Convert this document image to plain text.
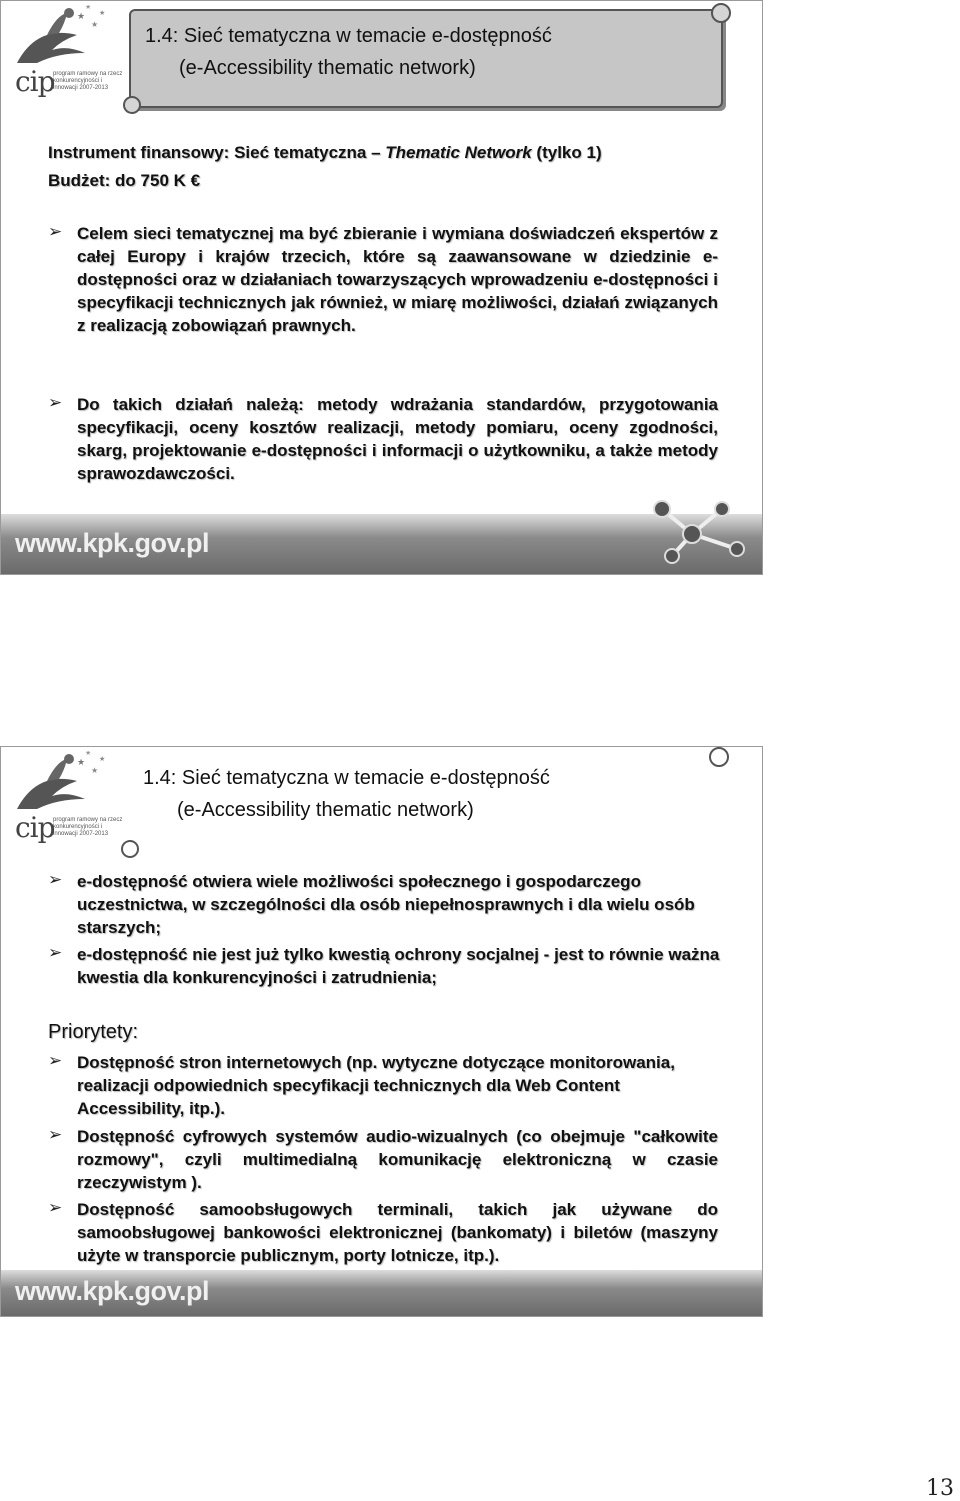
★
★
★
★
cip
program ramowy na rzecz konkurencyjności i innowacji 2007-2013
1.4: Sieć tematyczna w temacie e-dostępność
(e-Accessibility thematic network)
Instrument finansowy: Sieć tematyczna – Thematic Network (tylko 1)
Budżet: do 750 K €
➢ Celem sieci tematycznej ma być zbieranie i wymiana doświadczeń ekspertów z całej Europy i krajów trzecich, które są zaawansowane w dziedzinie e-dostępności oraz w działaniach towarzyszących wprowadzeniu e-dostępności i specyfikacji technicznych jak również, w miarę możliwości, działań związanych z realizacją zobowiązań prawnych.
➢ Do takich działań należą: metody wdrażania standardów, przygotowania specyfikacji, oceny kosztów realizacji, metody pomiaru, oceny zgodności, skarg, projektowanie e-dostępności i informacji o użytkowniku, a także metody sprawozdawczości.
www.kpk.gov.pl
★
★
★
★
cip
program ramowy na rzecz konkurencyjności i innowacji 2007-2013
1.4: Sieć tematyczna w temacie e-dostępność
(e-Accessibility thematic network)
➢ e-dostępność otwiera wiele możliwości społecznego i gospodarczego uczestnictwa, w szczególności dla osób niepełnosprawnych i dla wielu osób starszych;
➢ e-dostępność nie jest już tylko kwestią ochrony socjalnej - jest to równie ważna kwestia dla konkurencyjności i zatrudnienia;
Priorytety:
➢ Dostępność stron internetowych (np. wytyczne dotyczące monitorowania, realizacji odpowiednich specyfikacji technicznych dla Web Content Accessibility, itp.).
➢ Dostępność cyfrowych systemów audio-wizualnych (co obejmuje "całkowite rozmowy", czyli multimedialną komunikację elektroniczną w czasie rzeczywistym ).
➢ Dostępność samoobsługowych terminali, takich jak używane do samoobsługowej bankowości elektronicznej (bankomaty) i biletów (maszyny użyte w transporcie publicznym, porty lotnicze, itp.).
www.kpk.gov.pl
13
